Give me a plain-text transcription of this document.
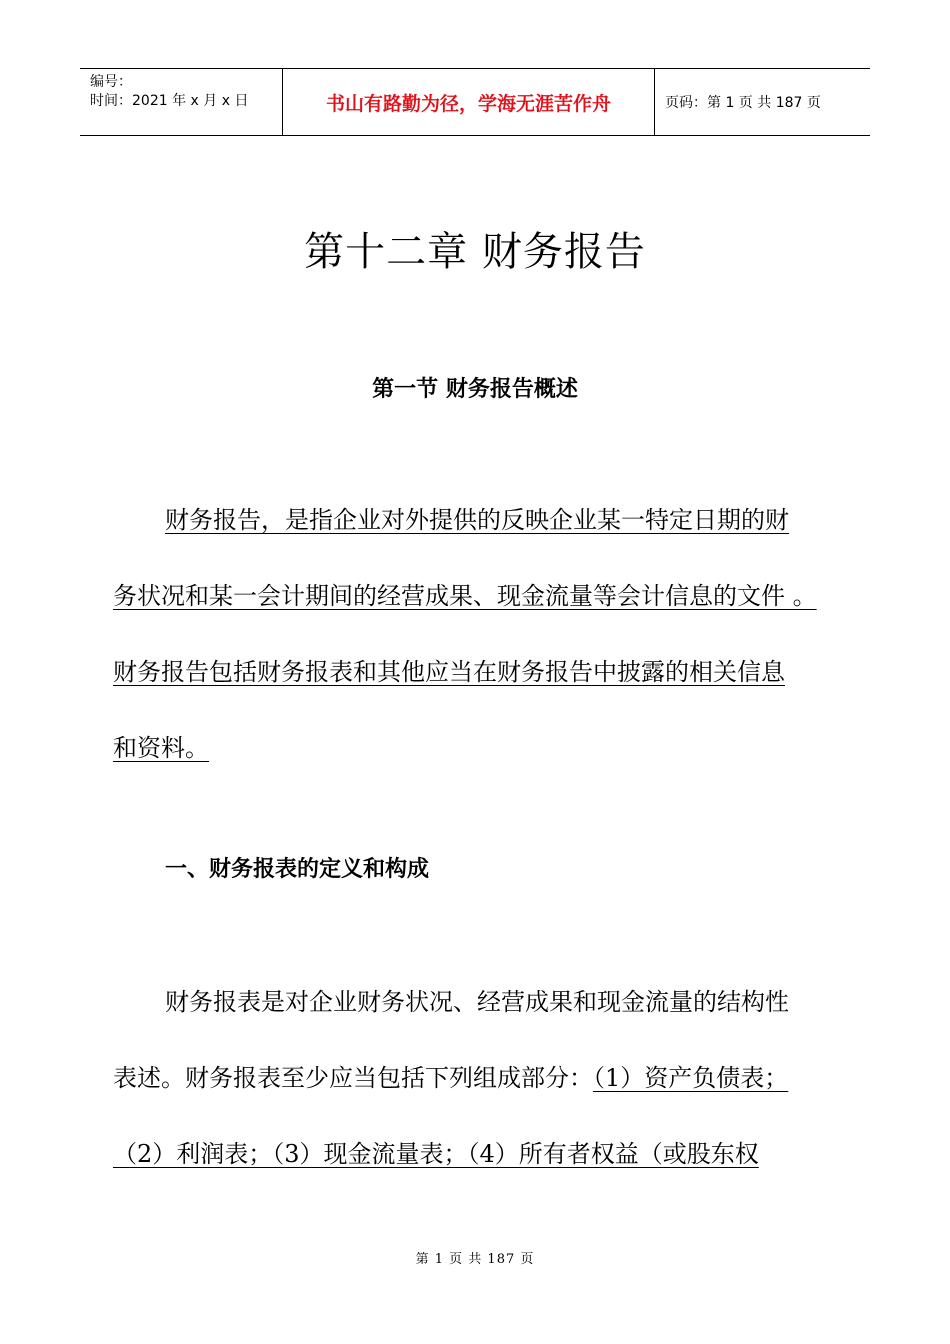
编号：
时间：2021 年 x 月 x 日	书山有路勤为径，学海无涯苦作舟	页码：第 1 页 共 187 页
第十二章 财务报告
第一节 财务报告概述
财务报告，是指企业对外提供的反映企业某一特定日期的财
务状况和某一会计期间的经营成果、现金流量等会计信息的文件 。
财务报告包括财务报表和其他应当在财务报告中披露的相关信息
和资料。
一、财务报表的定义和构成
财务报表是对企业财务状况、经营成果和现金流量的结构性
表述。财务报表至少应当包括下列组成部分：（1）资产负债表；
（2）利润表；（3）现金流量表；（4）所有者权益（或股东权
第 1 页 共 187 页
